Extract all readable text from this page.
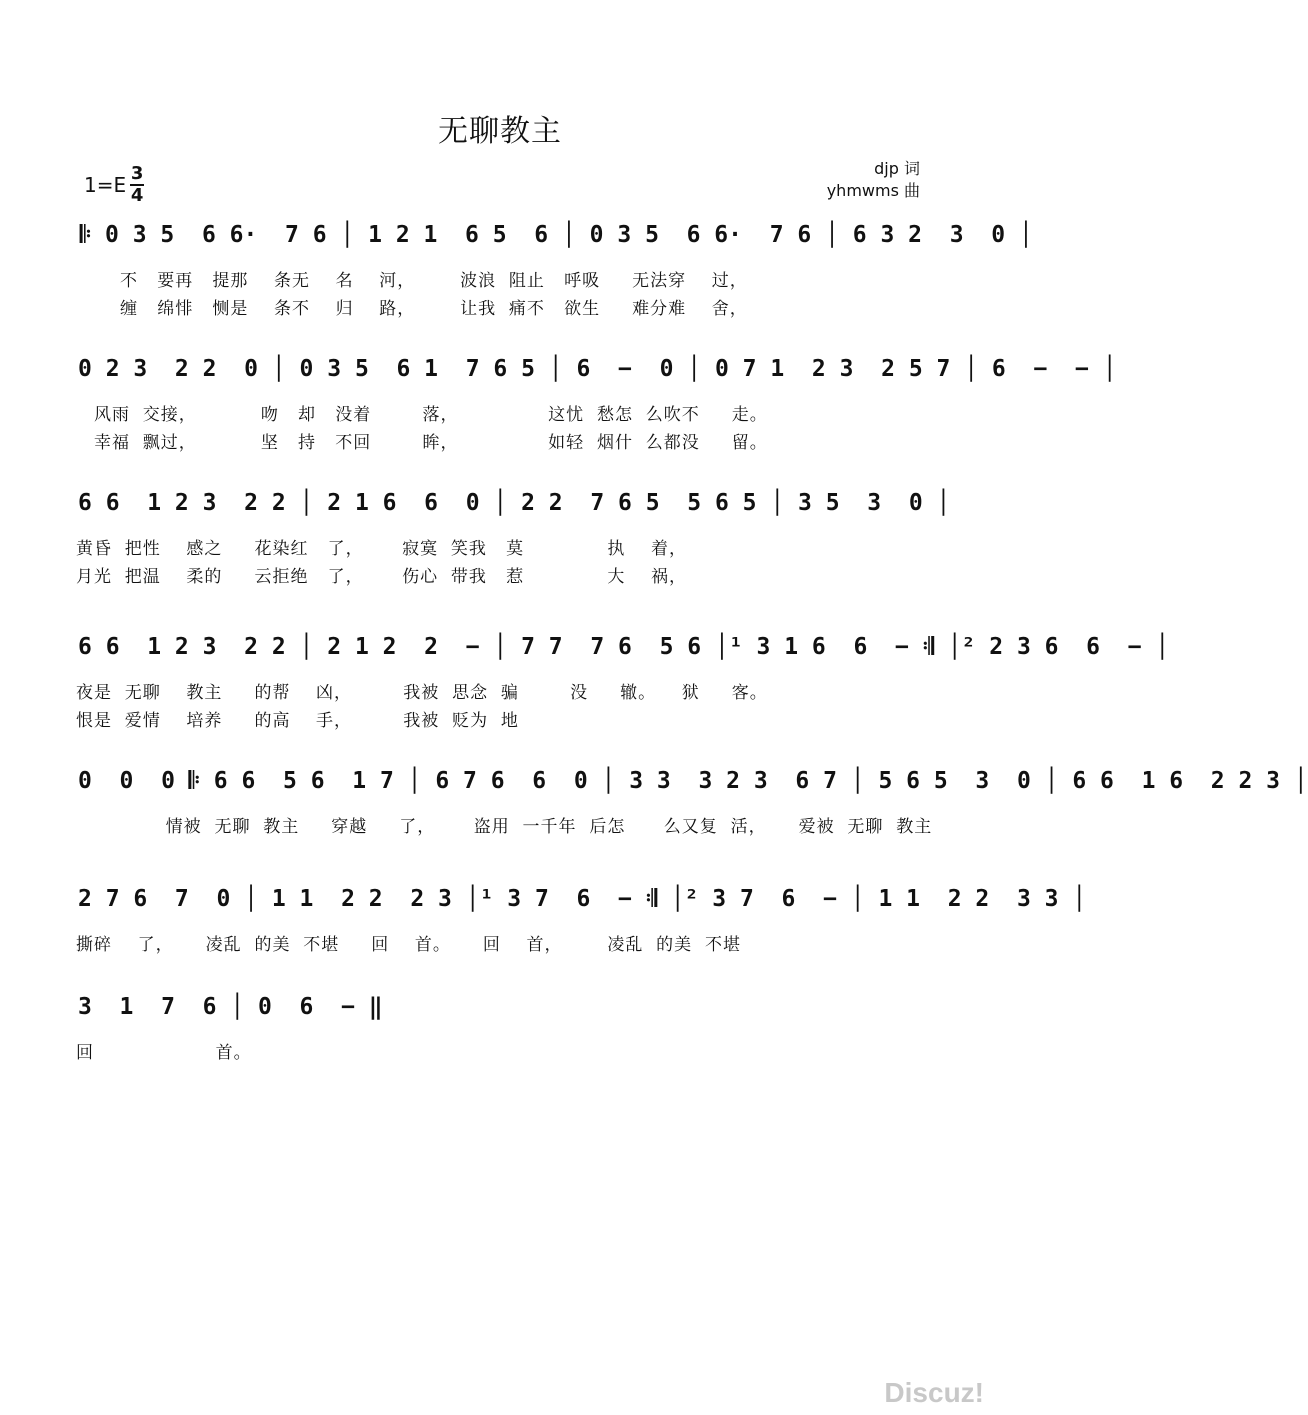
无聊教主
$1=E \frac{3}{4}$	djp 词
yhmwms 曲
𝄆 0 3 5  6 6·  7 6 │ 1 2 1  6 5  6 │ 0 3 5  6 6·  7 6 │ 6 3 2  3  0 │
不   要再   提那    条无    名    河，       波浪  阻止   呼吸     无法穿    过，
缠   绵悱   恻是    条不    归    路，       让我  痛不   欲生     难分难    舍，
0 2 3  2 2  0 │ 0 3 5  6 1  7 6 5 │ 6  −  0 │ 0 7 1  2 3  2 5 7 │ 6  −  − │
风雨  交接，          吻   却   没着        落，              这忧  愁怎  么吹不     走。
幸福  飘过，          坚   持   不回        眸，              如轻  烟什  么都没     留。
6 6  1 2 3  2 2 │ 2 1 6  6  0 │ 2 2  7 6 5  5 6 5 │ 3 5  3  0 │
黄昏  把性    感之     花染红   了，      寂寞  笑我   莫             执    着，
月光  把温    柔的     云拒绝   了，      伤心  带我   惹             大    祸，
6 6  1 2 3  2 2 │ 2 1 2  2  − │ 7 7  7 6  5 6 │¹ 3 1 6  6  − 𝄇 │² 2 3 6  6  − │
夜是  无聊    教主     的帮    凶，        我被  思念  骗        没     辙。    狱     客。
恨是  爱情    培养     的高    手，        我被  贬为  地
0  0  0 𝄆 6 6  5 6  1 7 │ 6 7 6  6  0 │ 3 3  3 2 3  6 7 │ 5 6 5  3  0 │ 6 6  1 6  2 2 3 │
情被  无聊  教主     穿越     了，      盗用  一千年  后怎      么又复  活，     爱被  无聊  教主
2 7 6  7  0 │ 1 1  2 2  2 3 │¹ 3 7  6  − 𝄇 │² 3 7  6  − │ 1 1  2 2  3 3 │
撕碎    了，     凌乱  的美  不堪     回    首。     回    首，       凌乱  的美  不堪
3  1  7  6 │ 0  6  − ‖
回                   首。
Discuz!
